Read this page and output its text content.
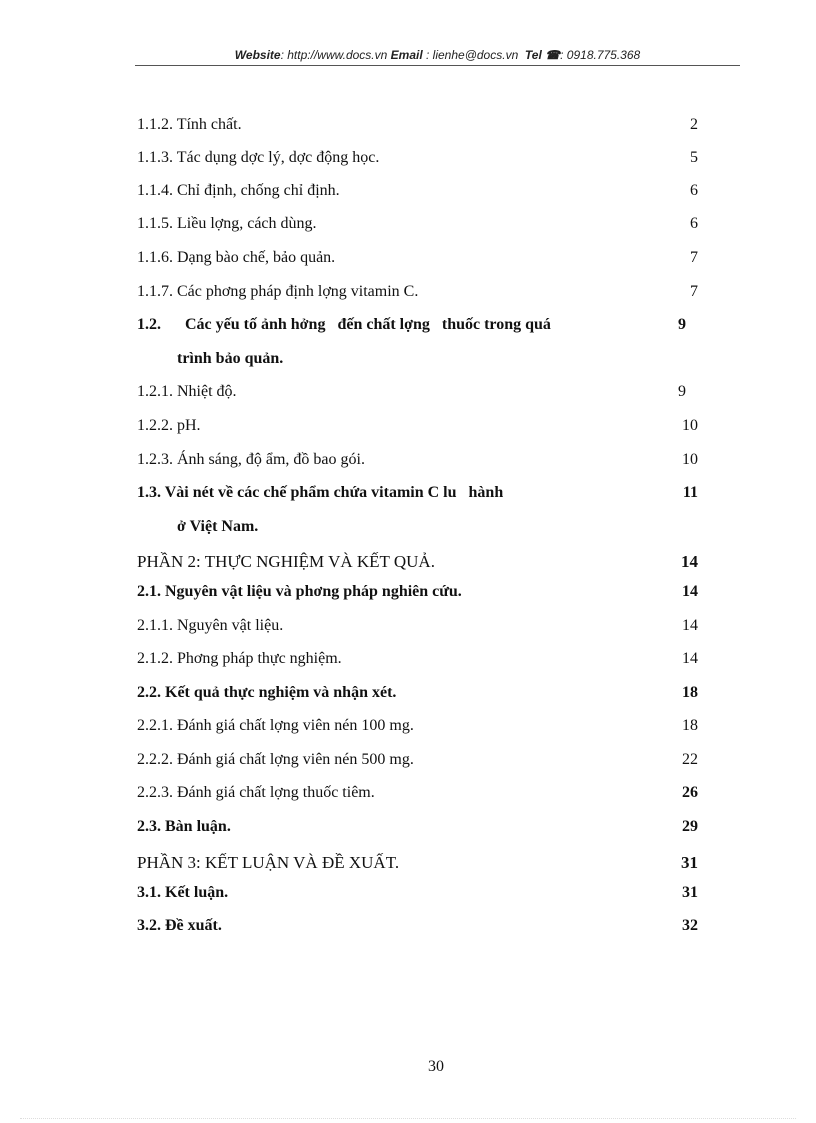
Website: http://www.docs.vn Email : lienhe@docs.vn Tel ☎: 0918.775.368
1.1.2. Tính chất.	2
1.1.3. Tác dụng dợc lý, dợc động học.	5
1.1.4. Chỉ định, chống chỉ định.	6
1.1.5. Liều lợng, cách dùng.	6
1.1.6. Dạng bào chế, bảo quản.	7
1.1.7. Các phơng pháp định lợng vitamin C.	7
1.2.      Các yếu tố ảnh hởng   đến chất lợng   thuốc trong quá	9
trình bảo quản.
1.2.1. Nhiệt độ.	9
1.2.2. pH.	10
1.2.3. Ánh sáng, độ ẩm, đồ bao gói.	10
1.3. Vài nét về các chế phẩm chứa vitamin C lu   hành	11
ở Việt Nam.
PHẦN 2: THỰC NGHIỆM VÀ KẾT QUẢ.	14
2.1. Nguyên vật liệu và phơng pháp nghiên cứu.	14
2.1.1. Nguyên vật liệu.	14
2.1.2. Phơng pháp thực nghiệm.	14
2.2. Kết quả thực nghiệm và nhận xét.	18
2.2.1. Đánh giá chất lợng viên nén 100 mg.	18
2.2.2. Đánh giá chất lợng viên nén 500 mg.	22
2.2.3. Đánh giá chất lợng thuốc tiêm.	26
2.3. Bàn luận.	29
PHẦN 3: KẾT LUẬN VÀ ĐỀ XUẤT.	31
3.1. Kết luận.	31
3.2. Đề xuất.	32
30
